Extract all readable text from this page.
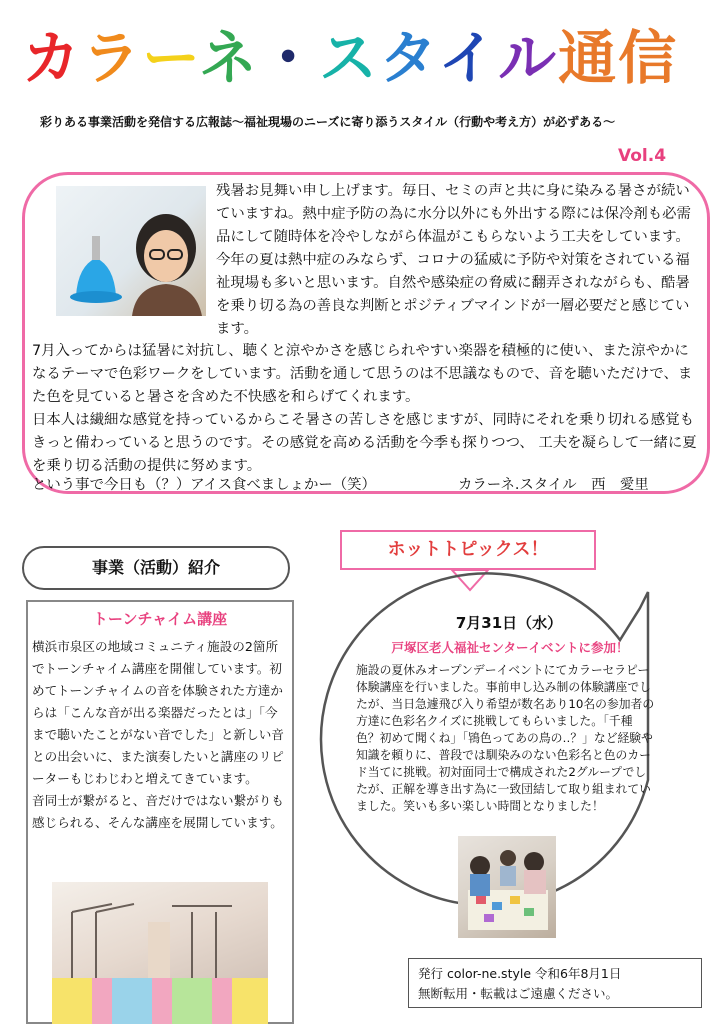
カラーネ・スタイル通信
彩りある事業活動を発信する広報誌～福祉現場のニーズに寄り添うスタイル（行動や考え方）が必ずある～
Vol.4
残暑お見舞い申し上げます。毎日、セミの声と共に身に染みる暑さが続いていますね。熱中症予防の為に水分以外にも外出する際には保冷剤も必需品にして随時体を冷やしながら体温がこもらないよう工夫をしています。今年の夏は熱中症のみならず、コロナの猛威に予防や対策をされている福祉現場も多いと思います。自然や感染症の脅威に翻弄されながらも、酷暑を乗り切る為の善良な判断とポジティブマインドが一層必要だと感じています。

7月入ってからは猛暑に対抗し、聴くと涼やかさを感じられやすい楽器を積極的に使い、また涼やかになるテーマで色彩ワークをしています。活動を通して思うのは不思議なもので、音を聴いただけで、また色を見ていると暑さを含めた不快感を和らげてくれます。

日本人は繊細な感覚を持っているからこそ暑さの苦しさを感じますが、同時にそれを乗り切れる感覚もきっと備わっていると思うのです。その感覚を高める活動を今季も探りつつ、 工夫を凝らして一緒に夏を乗り切る活動の提供に努めます。

という事で今日も（？）アイス食べましょかー（笑）	カラーネ.スタイル　西　愛里
事業（活動）紹介
トーンチャイム講座

横浜市泉区の地域コミュニティ施設の2箇所でトーンチャイム講座を開催しています。初めてトーンチャイムの音を体験された方達からは「こんな音が出る楽器だったとは」「今まで聴いたことがない音でした」と新しい音との出会いに、また演奏したいと講座のリピーターもじわじわと増えてきています。

音同士が繋がると、音だけではない繋がりも感じられる、そんな講座を展開しています。

ホットトピックス！
7月31日（水）
戸塚区老人福祉センターイベントに参加！
施設の夏休みオープンデーイベントにてカラーセラピー体験講座を行いました。事前申し込み制の体験講座でしたが、当日急遽飛び入り希望が数名あり10名の参加者の方達に色彩名クイズに挑戦してもらいました。「千種色？初めて聞くね」「鴇色ってあの鳥の‥？」など経験や知識を頼りに、普段では馴染みのない色彩名と色のカード当てに挑戦。初対面同士で構成された2グループでしたが、正解を導き出す為に一致団結して取り組まれていました。笑いも多い楽しい時間となりました！
発行 color-ne.style 令和6年8月1日
無断転用・転載はご遠慮ください。
